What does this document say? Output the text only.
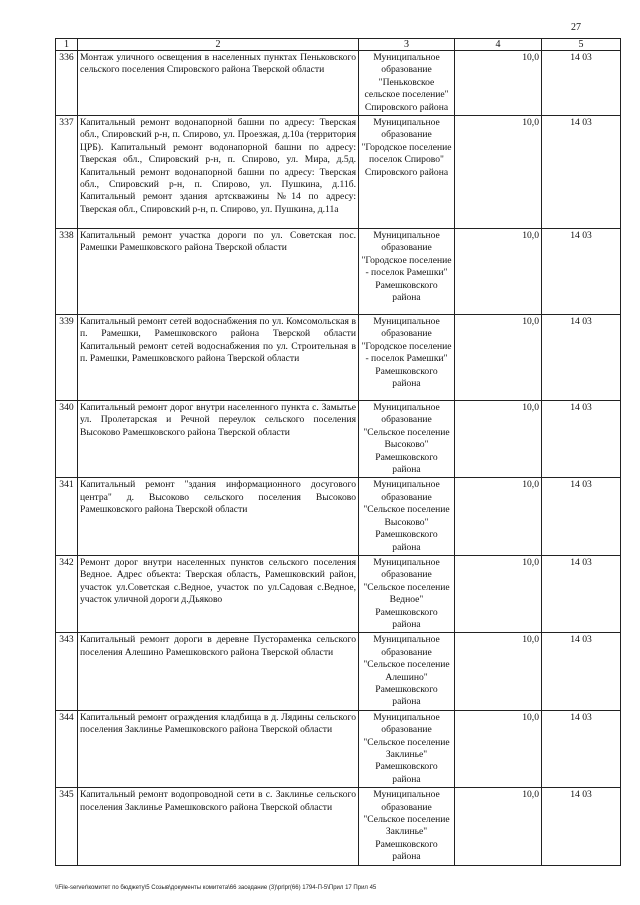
27
1	2	3	4	5
336	Монтаж уличного освещения в населенных пунктах Пеньковского сельского поселения Спировского района Тверской области	Муниципальное образование "Пеньковское сельское поселение" Спировского района	10,0	14 03
337	Капитальный ремонт водонапорной башни по адресу: Тверская обл., Спировский р-н, п. Спирово, ул. Проезжая, д.10а (территория ЦРБ). Капитальный ремонт водонапорной башни по адресу: Тверская обл., Спировский р-н, п. Спирово, ул. Мира, д.5д. Капитальный ремонт водонапорной башни по адресу: Тверская обл., Спировский р-н, п. Спирово, ул. Пушкина, д.11б. Капитальный ремонт здания артскважины №14 по адресу: Тверская обл., Спировский р-н, п. Спирово, ул. Пушкина, д.11а	Муниципальное образование "Городское поселение поселок Спирово" Спировского района	10,0	14 03
338	Капитальный ремонт участка дороги по ул. Советская пос. Рамешки Рамешковского района Тверской области	Муниципальное образование "Городское поселение - поселок Рамешки" Рамешковского района	10,0	14 03
339	Капитальный ремонт сетей водоснабжения по ул. Комсомольская в п. Рамешки, Рамешковского района Тверской области Капитальный ремонт сетей водоснабжения по ул. Строительная в п. Рамешки, Рамешковского района Тверской области	Муниципальное образование "Городское поселение - поселок Рамешки" Рамешковского района	10,0	14 03
340	Капитальный ремонт дорог внутри населенного пункта с. Замытье ул. Пролетарская и Речной переулок сельского поселения Высоково Рамешковского района Тверской области	Муниципальное образование "Сельское поселение Высоково" Рамешковского района	10,0	14 03
341	Капитальный ремонт "здания информационного досугового центра" д. Высоково сельского поселения Высоково Рамешковского района Тверской области	Муниципальное образование "Сельское поселение Высоково" Рамешковского района	10,0	14 03
342	Ремонт дорог внутри населенных пунктов сельского поселения Ведное. Адрес объекта: Тверская область, Рамешковский район, участок ул.Советская с.Ведное, участок по ул.Садовая с.Ведное, участок уличной дороги д.Дьяково	Муниципальное образование "Сельское поселение Ведное" Рамешковского района	10,0	14 03
343	Капитальный ремонт дороги в деревне Пустораменка сельского поселения Алешино Рамешковского района Тверской области	Муниципальное образование "Сельское поселение Алешино" Рамешковского района	10,0	14 03
344	Капитальный ремонт ограждения кладбища в д. Лядины сельского поселения Заклинье Рамешковского района Тверской области	Муниципальное образование "Сельское поселение Заклинье" Рамешковского района	10,0	14 03
345	Капитальный ремонт водопроводной сети в с. Заклинье сельского поселения Заклинье Рамешковского района Тверской области	Муниципальное образование "Сельское поселение Заклинье" Рамешковского района	10,0	14 03
\\File-server\комитет по бюджету\5 Созыв\документы комитета\66 заседание (3)\prlpr(66) 1794-П-5\Прил 17 Прил 45
